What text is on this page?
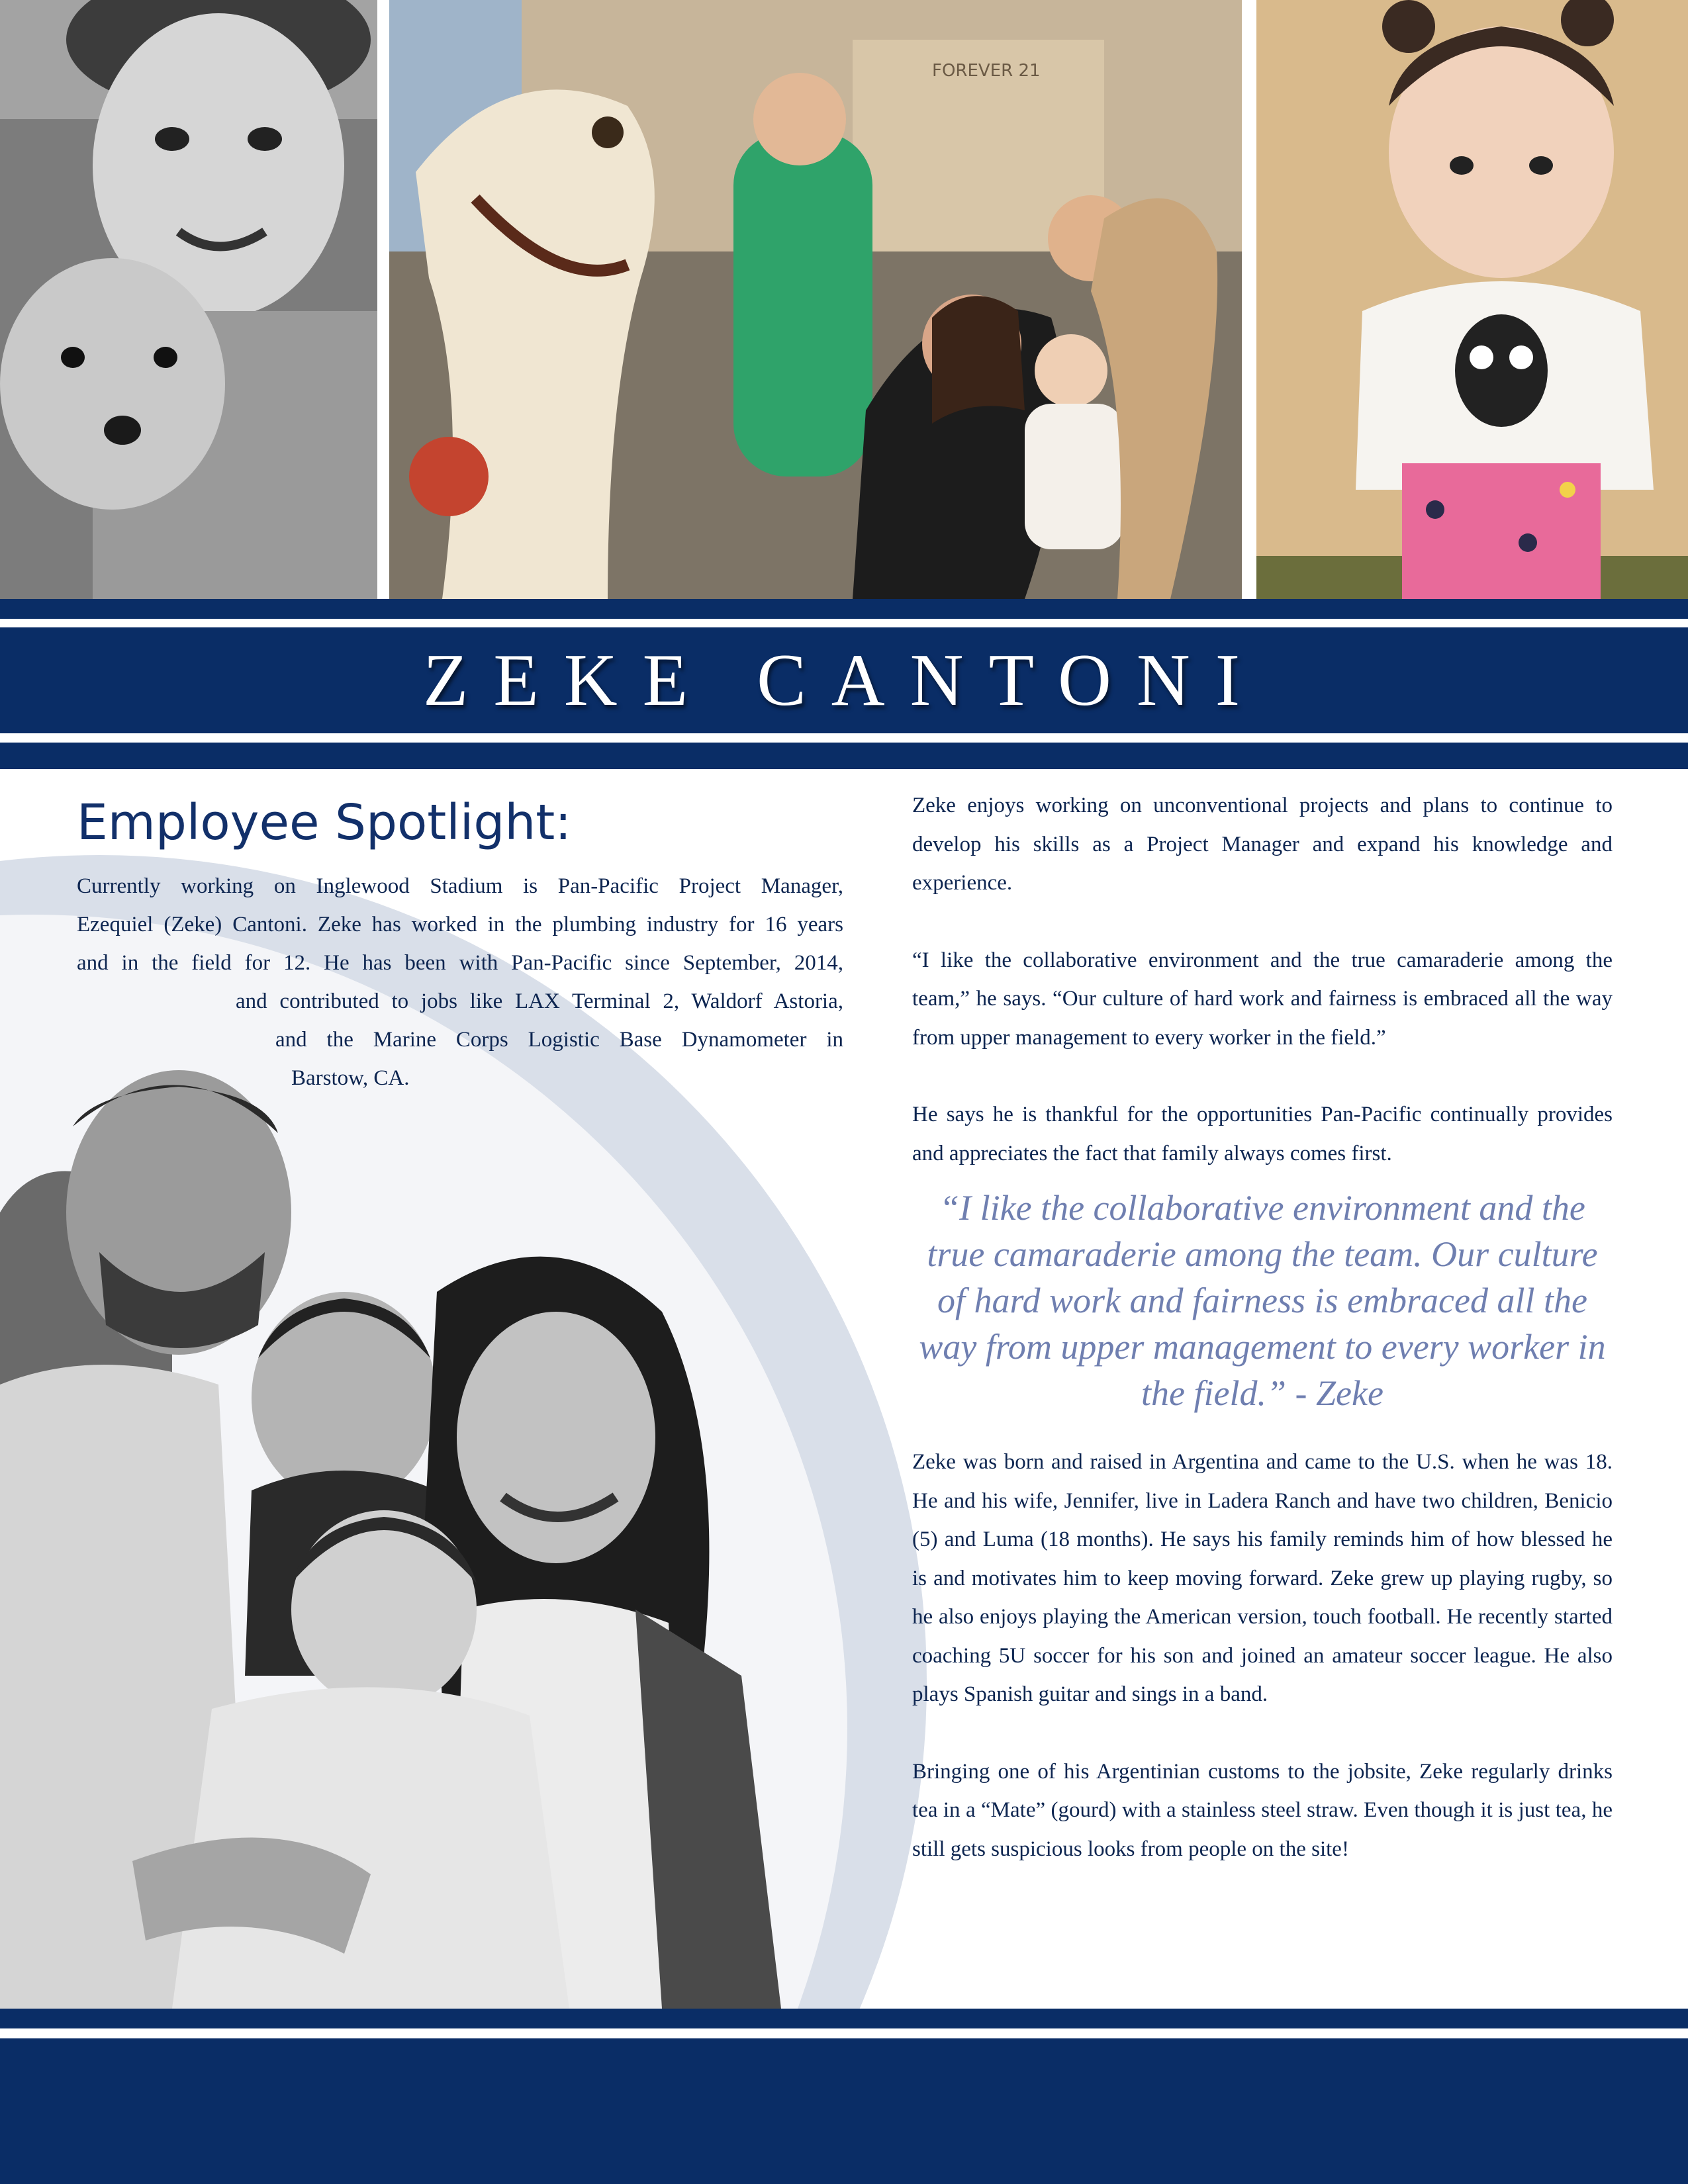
FOREVER 21
ZEKE CANTONI
Employee Spotlight:
Currently working on Inglewood Stadium is Pan-Pacific Project Manager,
Ezequiel (Zeke) Cantoni. Zeke has worked in the plumbing industry for 16 years
and in the field for 12. He has been with Pan-Pacific since September, 2014,
and contributed to jobs like LAX Terminal 2, Waldorf Astoria,
and the Marine Corps Logistic Base Dynamometer in
Barstow, CA.

Zeke enjoys working on unconventional projects and plans to continue to develop his skills as a Project Manager and expand his knowledge and experience.

“I like the collaborative environment and the true camaraderie among the team,” he says. “Our culture of hard work and fairness is embraced all the way from upper management to every worker in the field.”

He says he is thankful for the opportunities Pan-Pacific continually provides and appreciates the fact that family always comes first.

“I like the collaborative environment and the true camaraderie among the team. Our culture of hard work and fairness is embraced all the way from upper management to every worker in the field.” - Zeke

Zeke was born and raised in Argentina and came to the U.S. when he was 18. He and his wife, Jennifer, live in Ladera Ranch and have two children, Benicio (5) and Luma (18 months). He says his family reminds him of how blessed he is and motivates him to keep moving forward. Zeke grew up playing rugby, so he also enjoys playing the American version, touch football. He recently started coaching 5U soccer for his son and joined an amateur soccer league. He also plays Spanish guitar and sings in a band.

Bringing one of his Argentinian customs to the jobsite, Zeke regularly drinks tea in a “Mate” (gourd) with a stainless steel straw. Even though it is just tea, he still gets suspicious looks from people on the site!
